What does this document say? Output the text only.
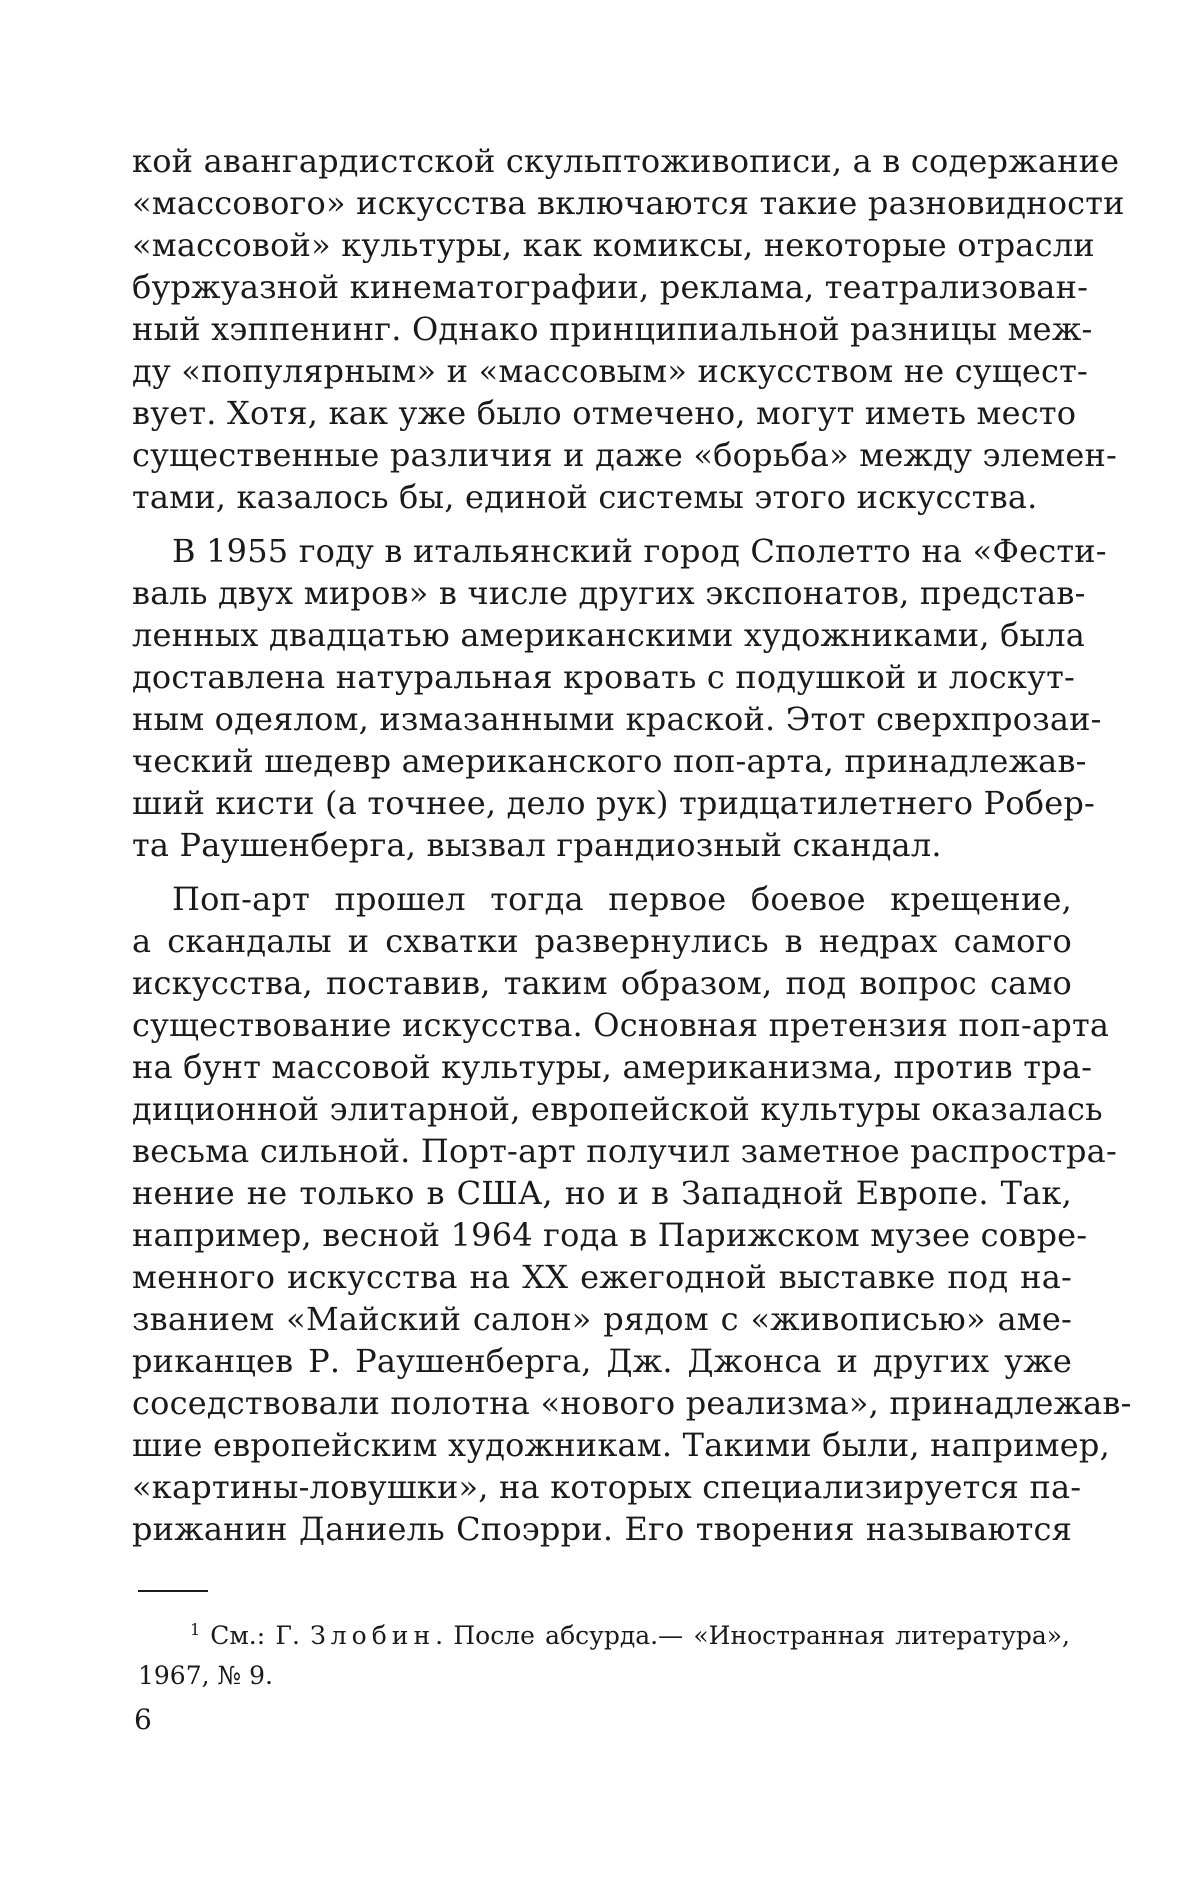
кой авангардистской скульптоживописи, а в содержание
«массового» искусства включаются такие разновидности
«массовой» культуры, как комиксы, некоторые отрасли
буржуазной кинематографии, реклама, театрализован-
ный хэппенинг. Однако принципиальной разницы меж-
ду «популярным» и «массовым» искусством не сущест-
вует. Хотя, как уже было отмечено, могут иметь место
существенные различия и даже «борьба» между элемен-
тами, казалось бы, единой системы этого искусства.
В 1955 году в итальянский город Сполетто на «Фести-
валь двух миров» в числе других экспонатов, представ-
ленных двадцатью американскими художниками, была
доставлена натуральная кровать с подушкой и лоскут-
ным одеялом, измазанными краской. Этот сверхпрозаи-
ческий шедевр американского поп-арта, принадлежав-
ший кисти (а точнее, дело рук) тридцатилетнего Робер-
та Раушенберга, вызвал грандиозный скандал.
Поп-арт прошел тогда первое боевое крещение,
а скандалы и схватки развернулись в недрах самого
искусства, поставив, таким образом, под вопрос само
существование искусства. Основная претензия поп-арта
на бунт массовой культуры, американизма, против тра-
диционной элитарной, европейской культуры оказалась
весьма сильной. Порт-арт получил заметное распростра-
нение не только в США, но и в Западной Европе. Так,
например, весной 1964 года в Парижском музее совре-
менного искусства на XX ежегодной выставке под на-
званием «Майский салон» рядом с «живописью» аме-
риканцев Р. Раушенберга, Дж. Джонса и других уже
соседствовали полотна «нового реализма», принадлежав-
шие европейским художникам. Такими были, например,
«картины-ловушки», на которых специализируется па-
рижанин Даниель Споэрри. Его творения называются
$^1$ См.: Г. Злобин. После абсурда.— «Иностранная литература»,
1967, № 9.
6
